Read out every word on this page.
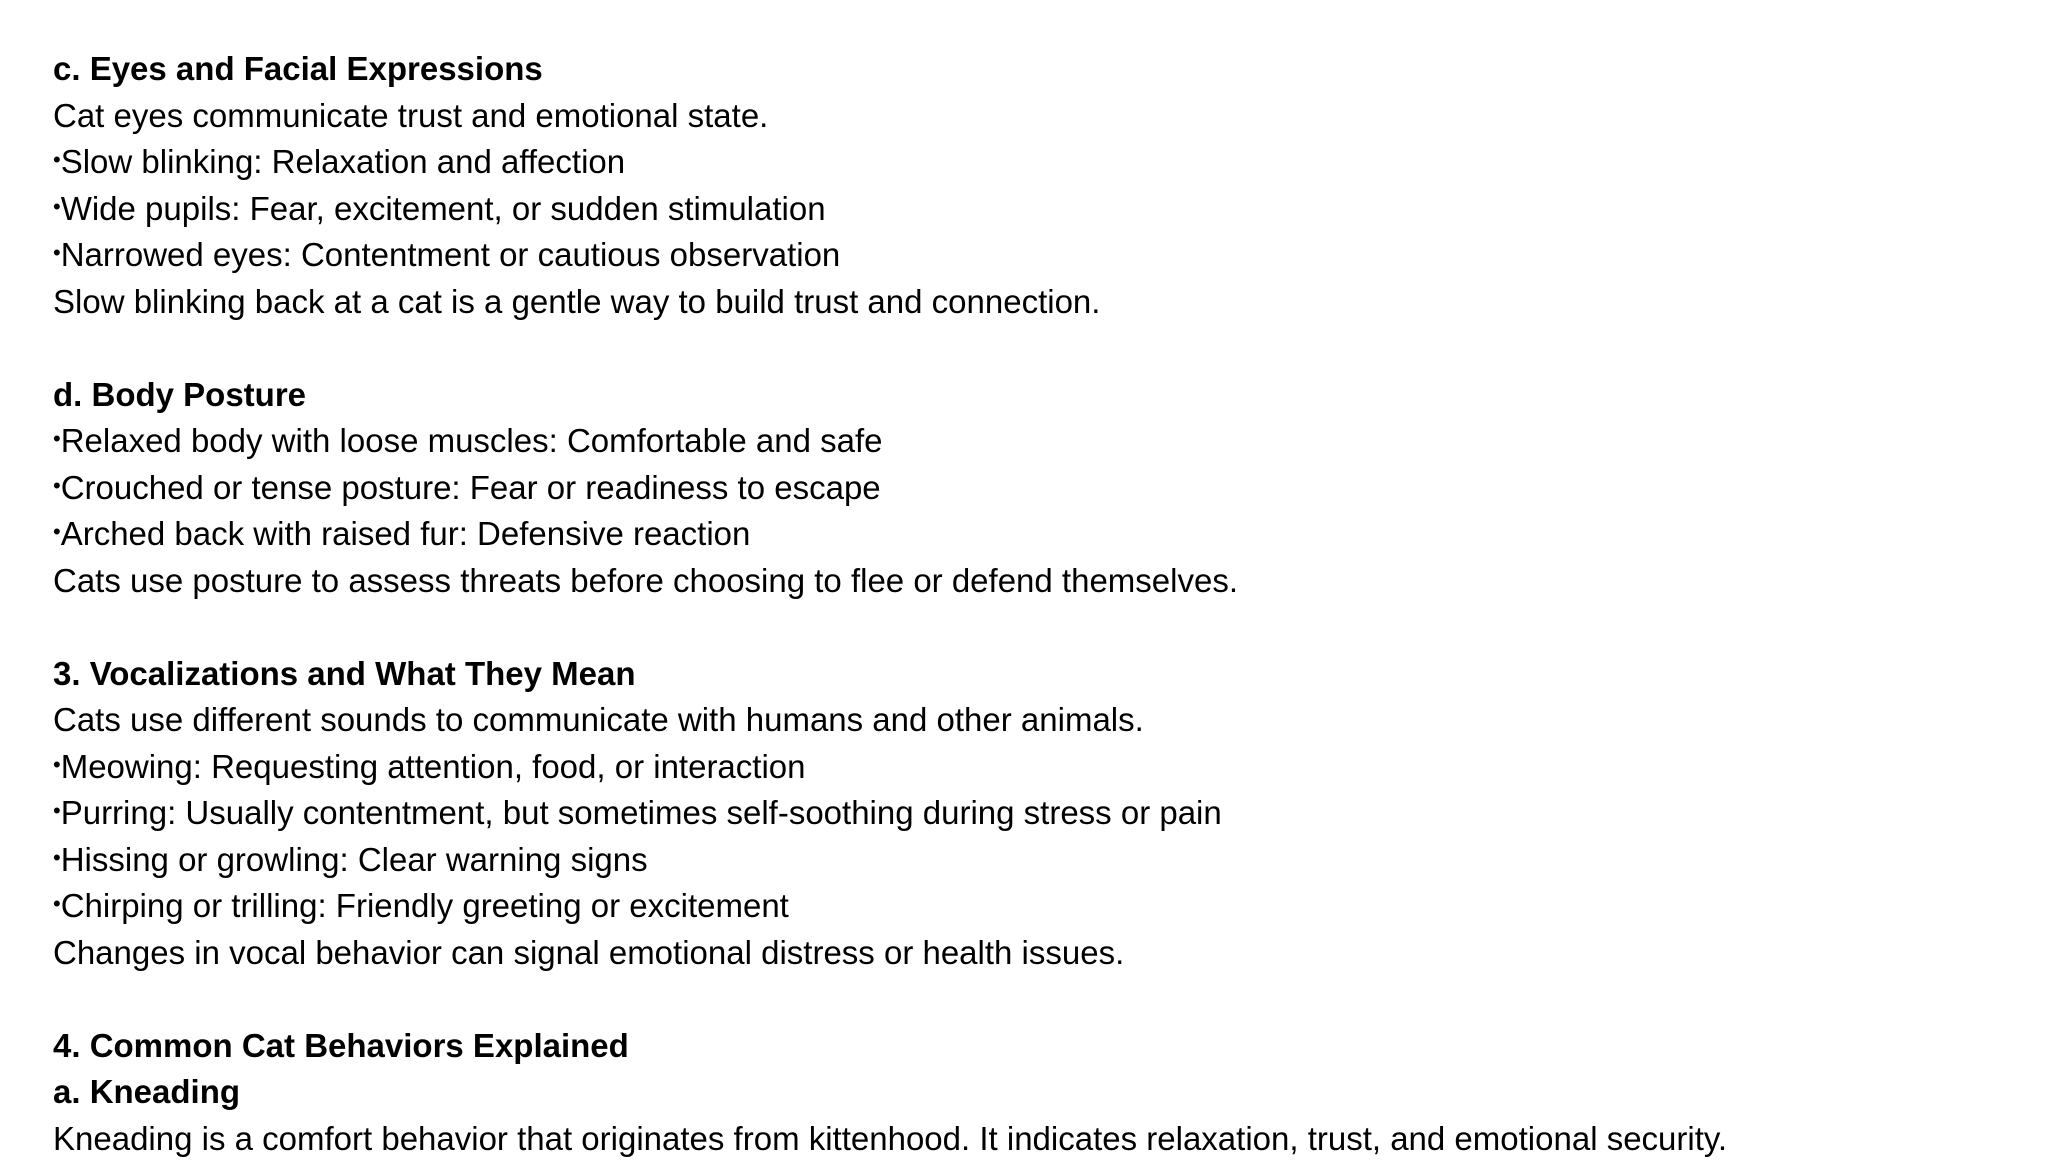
c. Eyes and Facial Expressions
Cat eyes communicate trust and emotional state.
•Slow blinking: Relaxation and affection
•Wide pupils: Fear, excitement, or sudden stimulation
•Narrowed eyes: Contentment or cautious observation
Slow blinking back at a cat is a gentle way to build trust and connection.
d. Body Posture
•Relaxed body with loose muscles: Comfortable and safe
•Crouched or tense posture: Fear or readiness to escape
•Arched back with raised fur: Defensive reaction
Cats use posture to assess threats before choosing to flee or defend themselves.
3. Vocalizations and What They Mean
Cats use different sounds to communicate with humans and other animals.
•Meowing: Requesting attention, food, or interaction
•Purring: Usually contentment, but sometimes self-soothing during stress or pain
•Hissing or growling: Clear warning signs
•Chirping or trilling: Friendly greeting or excitement
Changes in vocal behavior can signal emotional distress or health issues.
4. Common Cat Behaviors Explained
a. Kneading
Kneading is a comfort behavior that originates from kittenhood. It indicates relaxation, trust, and emotional security.
